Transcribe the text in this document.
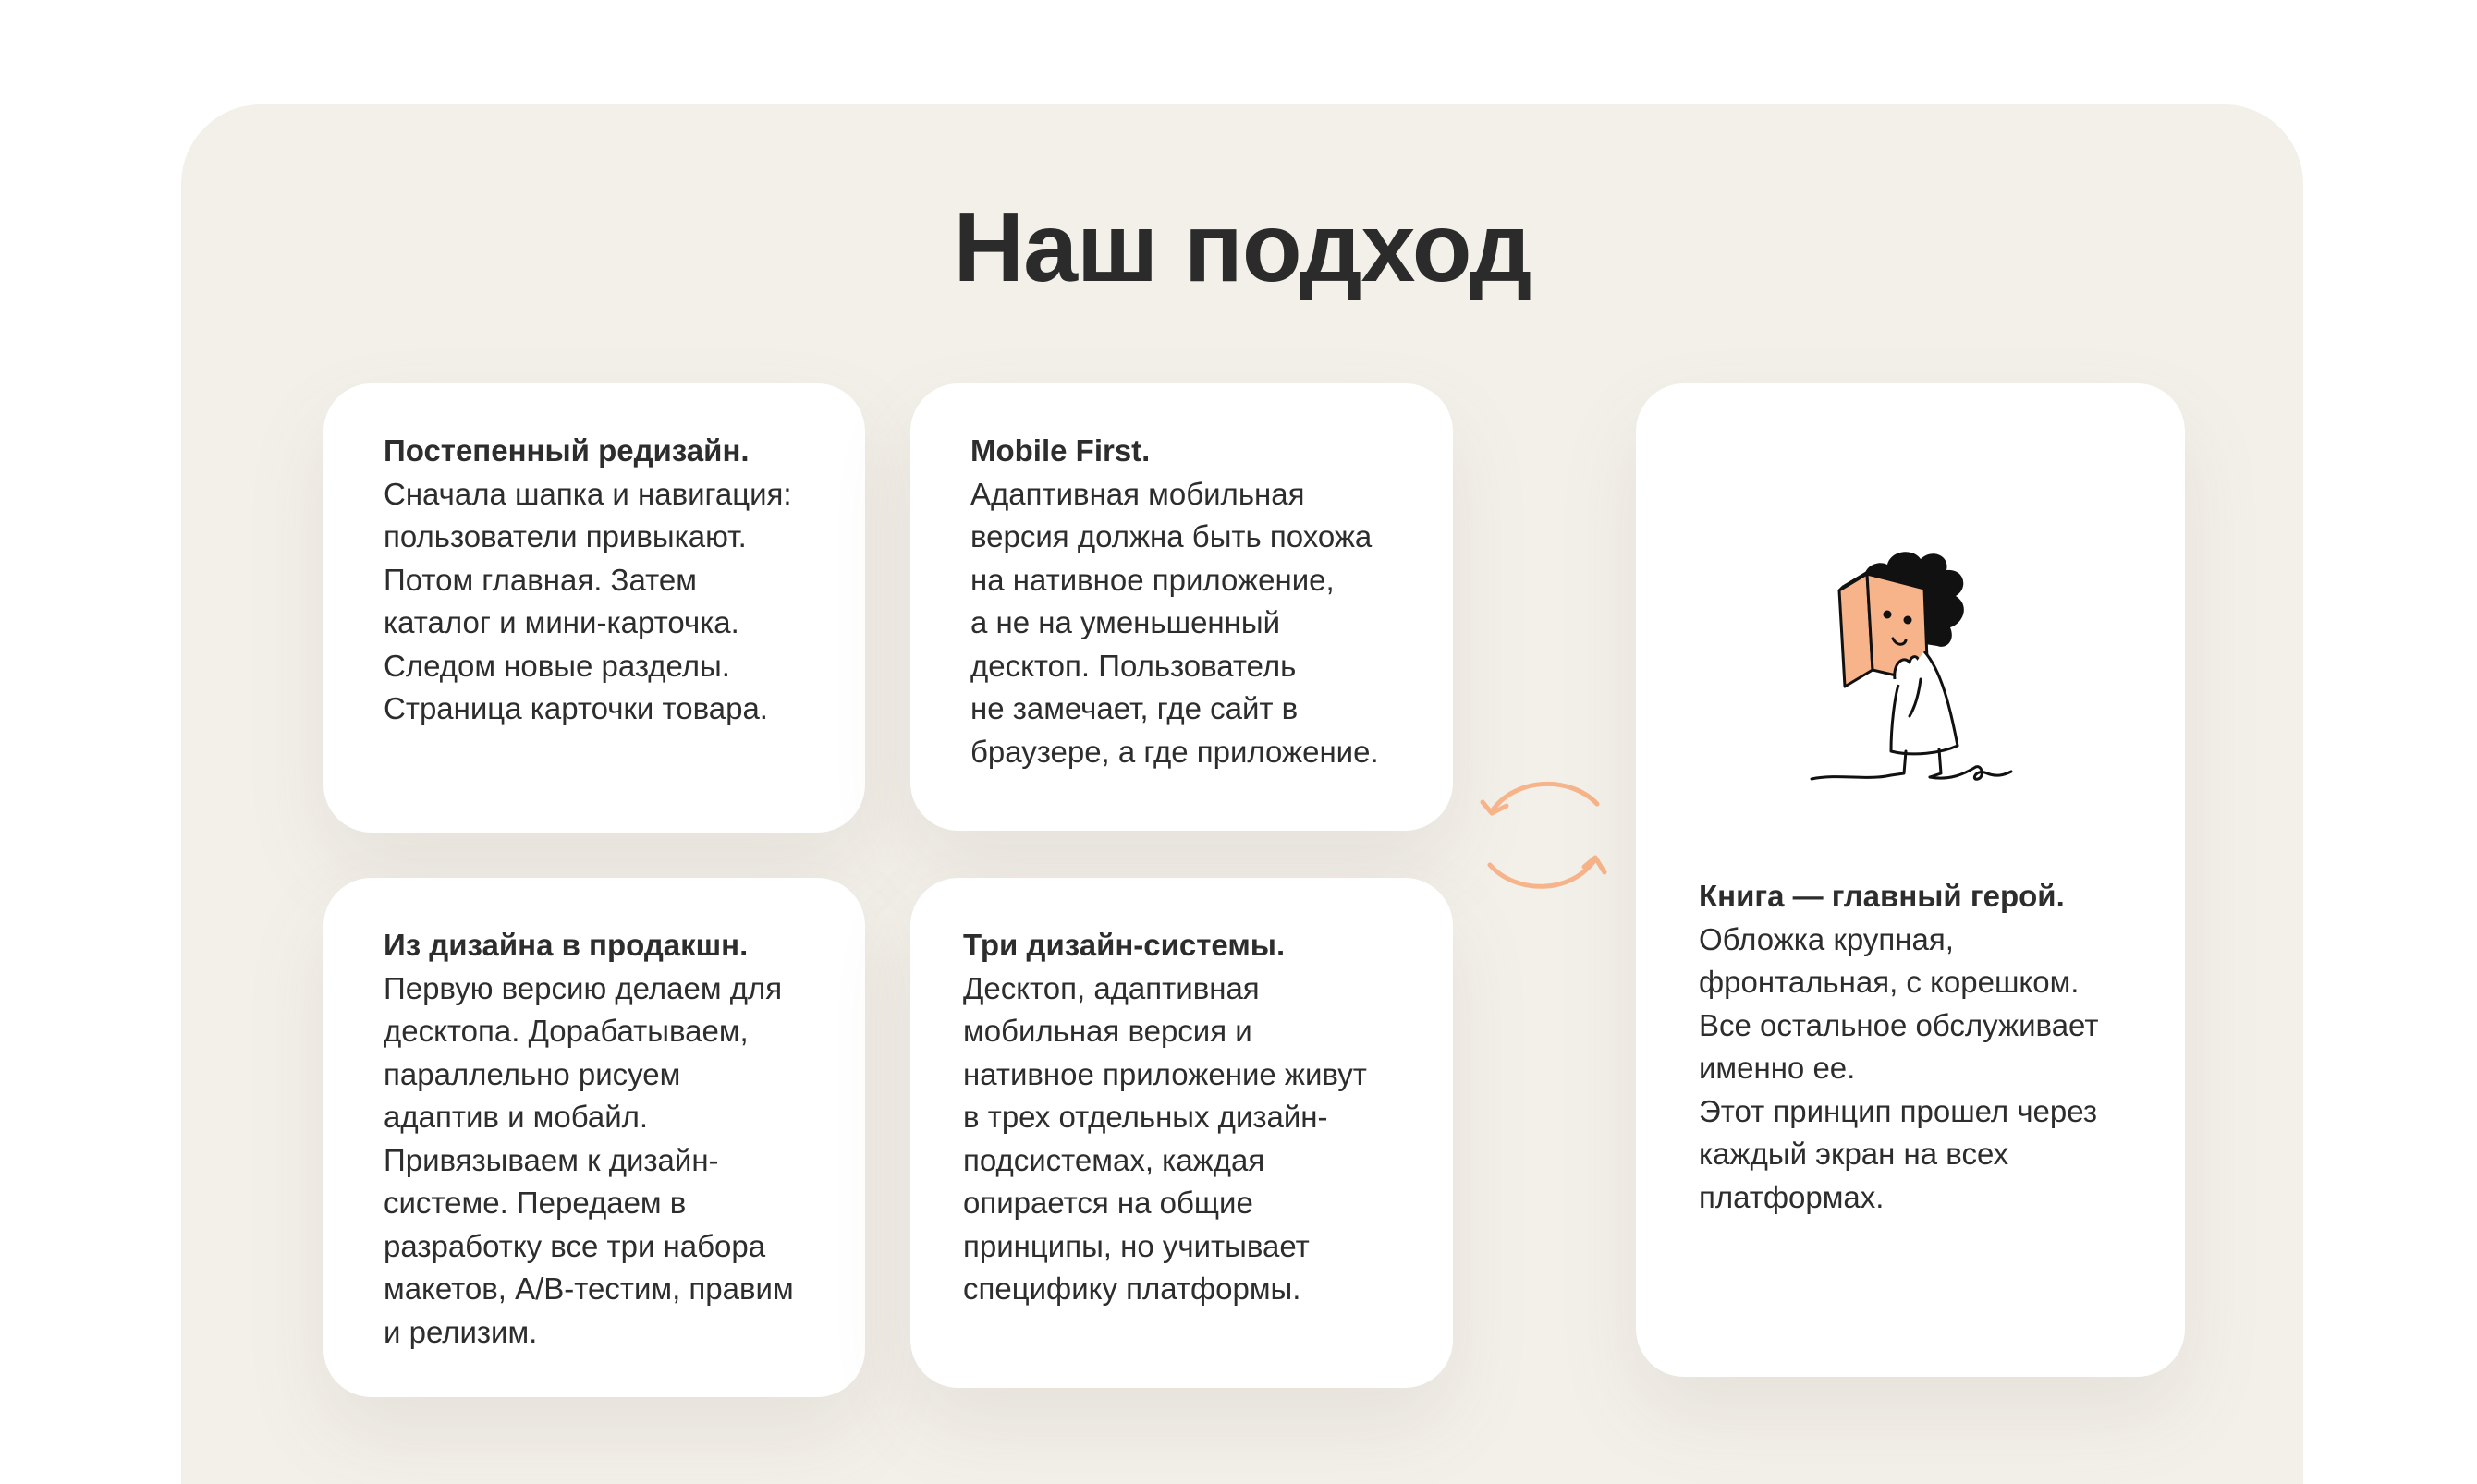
Наш подход
Постепенный редизайн.
Сначала шапка и навигация:
пользователи привыкают.
Потом главная. Затем
каталог и мини-карточка.
Следом новые разделы.
Страница карточки товара.
Mobile First.
Адаптивная мобильная
версия должна быть похожа
на нативное приложение,
а не на уменьшенный
десктоп. Пользователь
не замечает, где сайт в
браузере, а где приложение.
Из дизайна в продакшн.
Первую версию делаем для
десктопа. Дорабатываем,
параллельно рисуем
адаптив и мобайл.
Привязываем к дизайн-
системе. Передаем в
разработку все три набора
макетов, А/В-тестим, правим
и релизим.
Три дизайн-системы.
Десктоп, адаптивная
мобильная версия и
нативное приложение живут
в трех отдельных дизайн-
подсистемах, каждая
опирается на общие
принципы, но учитывает
специфику платформы.
Книга — главный герой.
Обложка крупная,
фронтальная, с корешком.
Все остальное обслуживает
именно ее.
Этот принцип прошел через
каждый экран на всех
платформах.
